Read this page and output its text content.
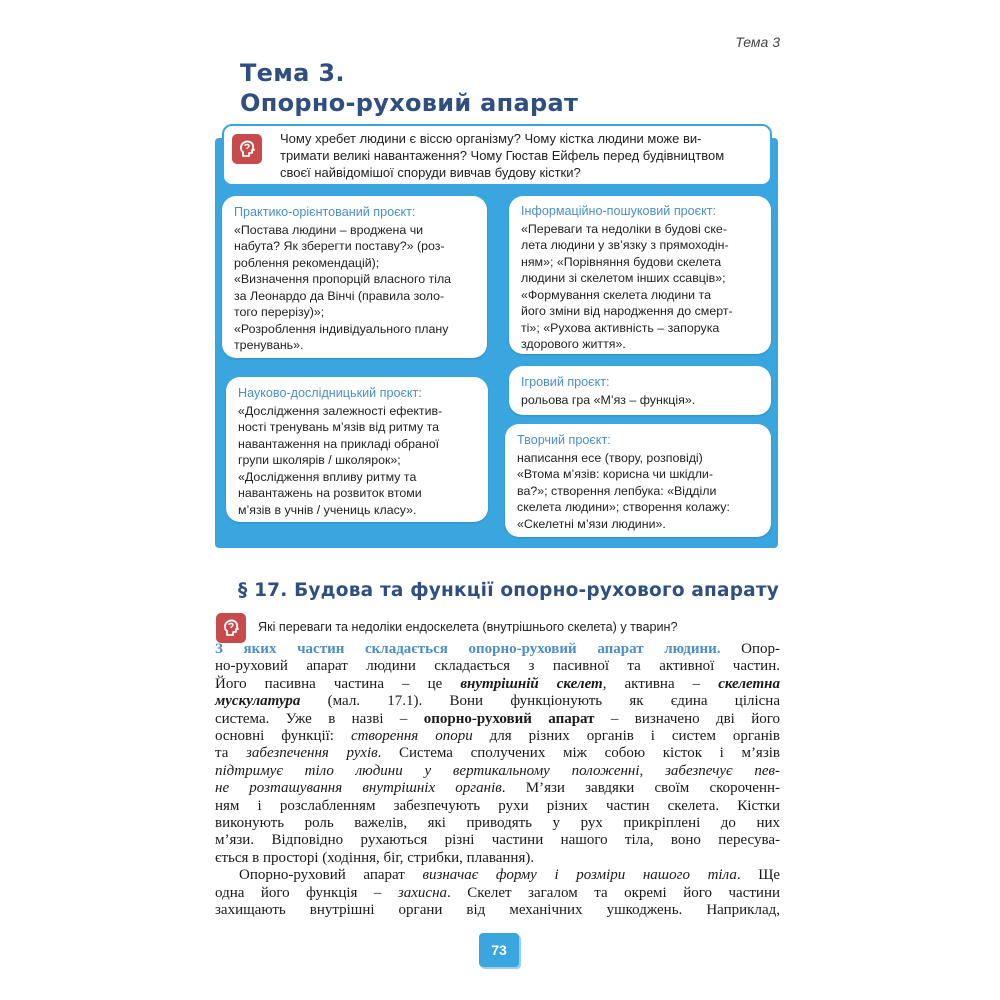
Тема 3
Тема 3.
Опорно-руховий апарат
Чому хребет людини є віссю організму? Чому кістка людини може ви-
тримати великі навантаження? Чому Гюстав Ейфель перед будівництвом
своєї найвідомішої споруди вивчав будову кістки?
Практико-орієнтований проєкт:
«Постава людини – вроджена чи
набута? Як зберегти поставу?» (роз-
роблення рекомендацій);
«Визначення пропорцій власного тіла
за Леонардо да Вінчі (правила золо-
того перерізу)»;
«Розроблення індивідуального плану
тренувань».
Інформаційно-пошуковий проєкт:
«Переваги та недоліки в будові ске-
лета людини у зв’язку з прямоходін-
ням»; «Порівняння будови скелета
людини зі скелетом інших ссавців»;
«Формування скелета людини та
його зміни від народження до смерт-
ті»; «Рухова активність – запорука
здорового життя».
Науково-дослідницький проєкт:
«Дослідження залежності ефектив-
ності тренувань м’язів від ритму та
навантаження на прикладі обраної
групи школярів / школярок»;
«Дослідження впливу ритму та
навантажень на розвиток втоми
м’язів в учнів / учениць класу».
Ігровий проєкт:
рольова гра «М’яз – функція».
Творчий проєкт:
написання есе (твору, розповіді)
«Втома м’язів: корисна чи шкідли-
ва?»; створення лепбука: «Відділи
скелета людини»; створення колажу:
«Скелетні м’язи людини».
§ 17. Будова та функції опорно-рухового апарату
Які переваги та недоліки ендоскелета (внутрішнього скелета) у тварин?
З яких частин складається опорно-руховий апарат людини. Опор-
но-руховий апарат людини складається з пасивної та активної частин.
Його пасивна частина – це внутрішній скелет, активна – скелетна
мускулатура (мал. 17.1). Вони функціонують як єдина цілісна
система. Уже в назві – опорно-руховий апарат – визначено дві його
основні функції: створення опори для різних органів і систем органів
та забезпечення рухів. Система сполучених між собою кісток і м’язів
підтримує тіло людини у вертикальному положенні, забезпечує пев-
не розташування внутрішніх органів. М’язи завдяки своїм скороченн-
ням і розслабленням забезпечують рухи різних частин скелета. Кістки
виконують роль важелів, які приводять у рух прикріплені до них
м’язи. Відповідно рухаються різні частини нашого тіла, воно пересува-
ється в просторі (ходіння, біг, стрибки, плавання).
Опорно-руховий апарат визначає форму і розміри нашого тіла. Ще
одна його функція – захисна. Скелет загалом та окремі його частини
захищають внутрішні органи від механічних ушкоджень. Наприклад,
73
